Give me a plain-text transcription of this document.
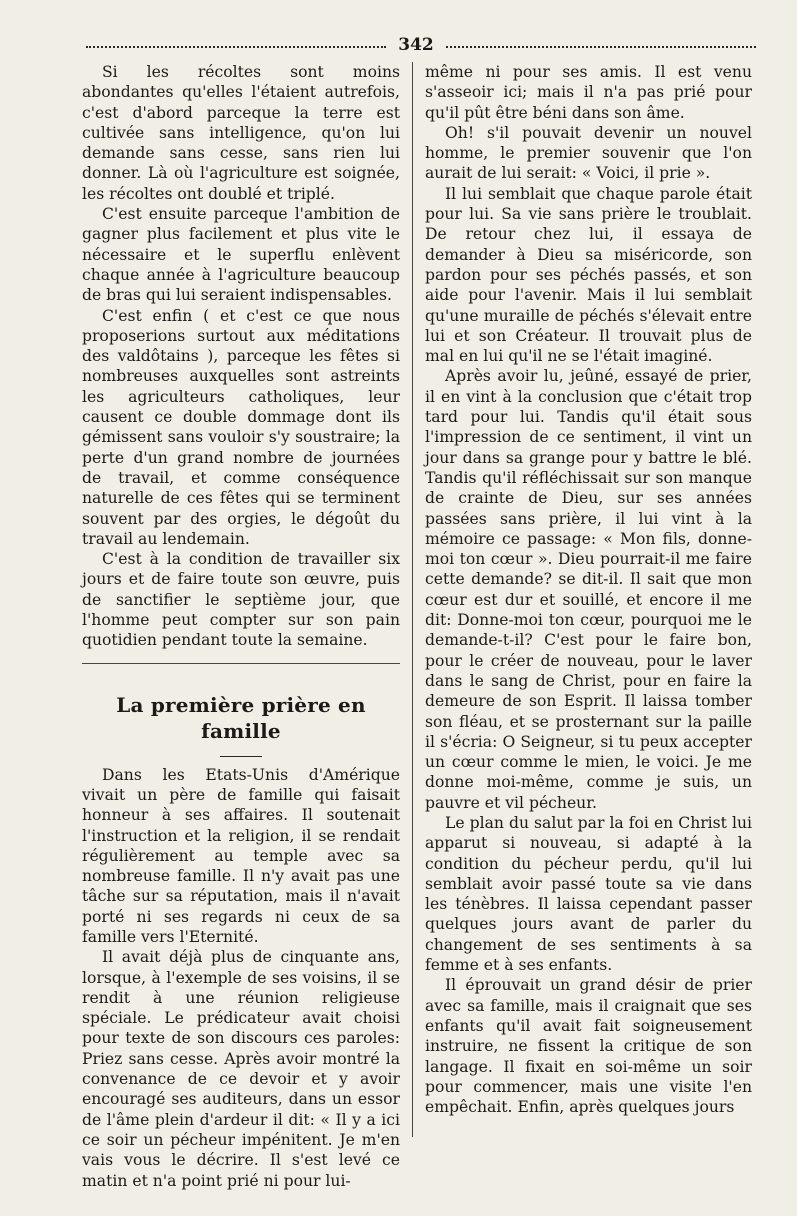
342

Si les récoltes sont moins abondantes qu'elles l'étaient autrefois, c'est d'abord parceque la terre est cultivée sans intelligence, qu'on lui demande sans cesse, sans rien lui donner. Là où l'agriculture est soignée, les récoltes ont doublé et triplé.

C'est ensuite parceque l'ambition de gagner plus facilement et plus vite le nécessaire et le superflu enlèvent chaque année à l'agriculture beaucoup de bras qui lui seraient indispensables.

C'est enfin ( et c'est ce que nous proposerions surtout aux méditations des valdôtains ), parceque les fêtes si nombreuses auxquelles sont astreints les agriculteurs catholiques, leur causent ce double dommage dont ils gémissent sans vouloir s'y soustraire; la perte d'un grand nombre de journées de travail, et comme conséquence naturelle de ces fêtes qui se terminent souvent par des orgies, le dégoût du travail au lendemain.

C'est à la condition de travailler six jours et de faire toute son œuvre, puis de sanctifier le septième jour, que l'homme peut compter sur son pain quotidien pendant toute la semaine.

La première prière en famille

Dans les Etats-Unis d'Amérique vivait un père de famille qui faisait honneur à ses affaires. Il soutenait l'instruction et la religion, il se rendait régulièrement au temple avec sa nombreuse famille. Il n'y avait pas une tâche sur sa réputation, mais il n'avait porté ni ses regards ni ceux de sa famille vers l'Eternité.

Il avait déjà plus de cinquante ans, lorsque, à l'exemple de ses voisins, il se rendit à une réunion religieuse spéciale. Le prédicateur avait choisi pour texte de son discours ces paroles: Priez sans cesse. Après avoir montré la convenance de ce devoir et y avoir encouragé ses auditeurs, dans un essor de l'âme plein d'ardeur il dit: « Il y a ici ce soir un pécheur impénitent. Je m'en vais vous le décrire. Il s'est levé ce matin et n'a point prié ni pour lui-

même ni pour ses amis. Il est venu s'asseoir ici; mais il n'a pas prié pour qu'il pût être béni dans son âme.

Oh! s'il pouvait devenir un nouvel homme, le premier souvenir que l'on aurait de lui serait: « Voici, il prie ».

Il lui semblait que chaque parole était pour lui. Sa vie sans prière le troublait. De retour chez lui, il essaya de demander à Dieu sa miséricorde, son pardon pour ses péchés passés, et son aide pour l'avenir. Mais il lui semblait qu'une muraille de péchés s'élevait entre lui et son Créateur. Il trouvait plus de mal en lui qu'il ne se l'était imaginé.

Après avoir lu, jeûné, essayé de prier, il en vint à la conclusion que c'était trop tard pour lui. Tandis qu'il était sous l'impression de ce sentiment, il vint un jour dans sa grange pour y battre le blé. Tandis qu'il réfléchissait sur son manque de crainte de Dieu, sur ses années passées sans prière, il lui vint à la mémoire ce passage: « Mon fils, donne-moi ton cœur ». Dieu pourrait-il me faire cette demande? se dit-il. Il sait que mon cœur est dur et souillé, et encore il me dit: Donne-moi ton cœur, pourquoi me le demande-t-il? C'est pour le faire bon, pour le créer de nouveau, pour le laver dans le sang de Christ, pour en faire la demeure de son Esprit. Il laissa tomber son fléau, et se prosternant sur la paille il s'écria: O Seigneur, si tu peux accepter un cœur comme le mien, le voici. Je me donne moi-même, comme je suis, un pauvre et vil pécheur.

Le plan du salut par la foi en Christ lui apparut si nouveau, si adapté à la condition du pécheur perdu, qu'il lui semblait avoir passé toute sa vie dans les ténèbres. Il laissa cependant passer quelques jours avant de parler du changement de ses sentiments à sa femme et à ses enfants.

Il éprouvait un grand désir de prier avec sa famille, mais il craignait que ses enfants qu'il avait fait soigneusement instruire, ne fissent la critique de son langage. Il fixait en soi-même un soir pour commencer, mais une visite l'en empêchait. Enfin, après quelques jours
